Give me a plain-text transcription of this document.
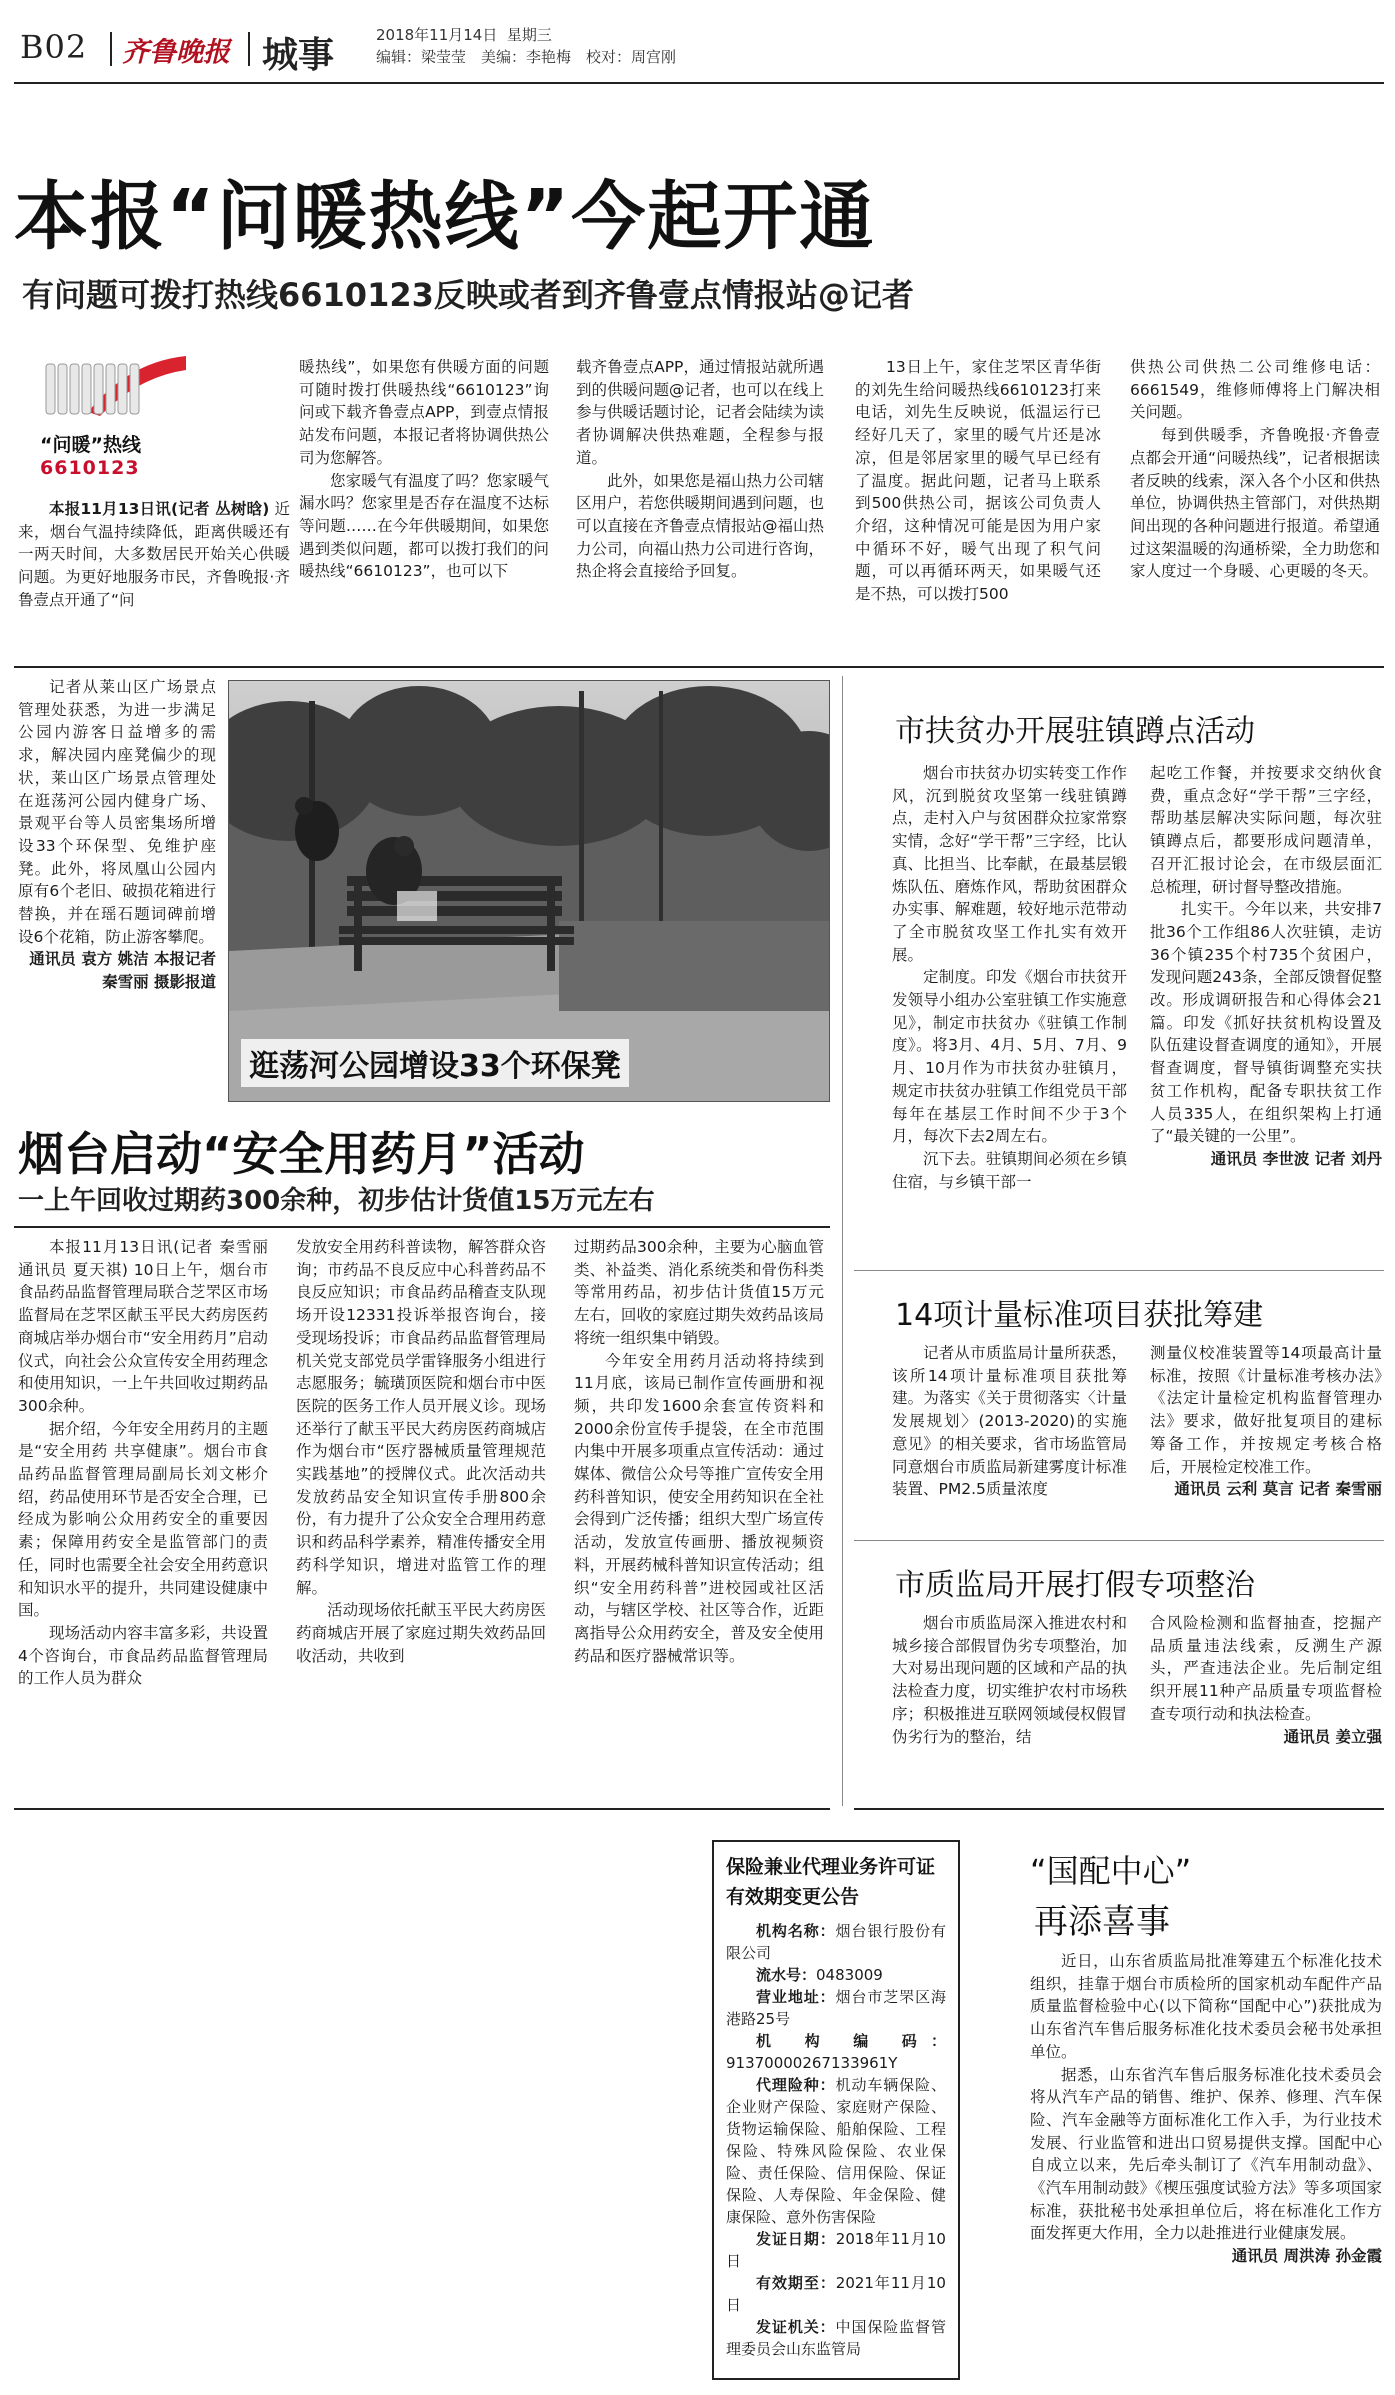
B02 齐鲁晚报 城事	2018年11月14日 星期三
编辑：梁莹莹　美编：李艳梅　校对：周宫刚
本报“问暖热线”今起开通
有问题可拨打热线6610123反映或者到齐鲁壹点情报站@记者
“问暖”热线
6610123

本报11月13日讯(记者 丛树晗) 近来，烟台气温持续降低，距离供暖还有一两天时间，大多数居民开始关心供暖问题。为更好地服务市民，齐鲁晚报·齐鲁壹点开通了“问

暖热线”，如果您有供暖方面的问题可随时拨打供暖热线“6610123”询问或下载齐鲁壹点APP，到壹点情报站发布问题，本报记者将协调供热公司为您解答。

您家暖气有温度了吗？您家暖气漏水吗？您家里是否存在温度不达标等问题……在今年供暖期间，如果您遇到类似问题，都可以拨打我们的问暖热线“6610123”，也可以下

载齐鲁壹点APP，通过情报站就所遇到的供暖问题@记者，也可以在线上参与供暖话题讨论，记者会陆续为读者协调解决供热难题，全程参与报道。

此外，如果您是福山热力公司辖区用户，若您供暖期间遇到问题，也可以直接在齐鲁壹点情报站@福山热力公司，向福山热力公司进行咨询，热企将会直接给予回复。

13日上午，家住芝罘区青华街的刘先生给问暖热线6610123打来电话，刘先生反映说，低温运行已经好几天了，家里的暖气片还是冰凉，但是邻居家里的暖气早已经有了温度。据此问题，记者马上联系到500供热公司，据该公司负责人介绍，这种情况可能是因为用户家中循环不好，暖气出现了积气问题，可以再循环两天，如果暖气还是不热，可以拨打500

供热公司供热二公司维修电话：6661549，维修师傅将上门解决相关问题。

每到供暖季，齐鲁晚报·齐鲁壹点都会开通“问暖热线”，记者根据读者反映的线索，深入各个小区和供热单位，协调供热主管部门，对供热期间出现的各种问题进行报道。希望通过这架温暖的沟通桥梁，全力助您和家人度过一个身暖、心更暖的冬天。

记者从莱山区广场景点管理处获悉，为进一步满足公园内游客日益增多的需求，解决园内座凳偏少的现状，莱山区广场景点管理处在逛荡河公园内健身广场、景观平台等人员密集场所增设33个环保型、免维护座凳。此外，将凤凰山公园内原有6个老旧、破损花箱进行替换，并在瑶石题词碑前增设6个花箱，防止游客攀爬。

通讯员 袁方 姚洁 本报记者 秦雪丽 摄影报道

逛荡河公园增设33个环保凳
烟台启动“安全用药月”活动
一上午回收过期药300余种，初步估计货值15万元左右

本报11月13日讯(记者 秦雪丽 通讯员 夏天祺) 10日上午，烟台市食品药品监督管理局联合芝罘区市场监督局在芝罘区献玉平民大药房医药商城店举办烟台市“安全用药月”启动仪式，向社会公众宣传安全用药理念和使用知识，一上午共回收过期药品300余种。

据介绍，今年安全用药月的主题是“安全用药 共享健康”。烟台市食品药品监督管理局副局长刘文彬介绍，药品使用环节是否安全合理，已经成为影响公众用药安全的重要因素；保障用药安全是监管部门的责任，同时也需要全社会安全用药意识和知识水平的提升，共同建设健康中国。

现场活动内容丰富多彩，共设置4个咨询台，市食品药品监督管理局的工作人员为群众

发放安全用药科普读物，解答群众咨询；市药品不良反应中心科普药品不良反应知识；市食品药品稽查支队现场开设12331投诉举报咨询台，接受现场投诉；市食品药品监督管理局机关党支部党员学雷锋服务小组进行志愿服务；毓璜顶医院和烟台市中医医院的医务工作人员开展义诊。现场还举行了献玉平民大药房医药商城店作为烟台市“医疗器械质量管理规范实践基地”的授牌仪式。此次活动共发放药品安全知识宣传手册800余份，有力提升了公众安全合理用药意识和药品科学素养，精准传播安全用药科学知识，增进对监管工作的理解。

活动现场依托献玉平民大药房医药商城店开展了家庭过期失效药品回收活动，共收到

过期药品300余种，主要为心脑血管类、补益类、消化系统类和骨伤科类等常用药品，初步估计货值15万元左右，回收的家庭过期失效药品该局将统一组织集中销毁。

今年安全用药月活动将持续到11月底，该局已制作宣传画册和视频，共印发1600余套宣传资料和2000余份宣传手提袋，在全市范围内集中开展多项重点宣传活动：通过媒体、微信公众号等推广宣传安全用药科普知识，使安全用药知识在全社会得到广泛传播；组织大型广场宣传活动，发放宣传画册、播放视频资料，开展药械科普知识宣传活动；组织“安全用药科普”进校园或社区活动，与辖区学校、社区等合作，近距离指导公众用药安全，普及安全使用药品和医疗器械常识等。

市扶贫办开展驻镇蹲点活动

烟台市扶贫办切实转变工作作风，沉到脱贫攻坚第一线驻镇蹲点，走村入户与贫困群众拉家常察实情，念好“学干帮”三字经，比认真、比担当、比奉献，在最基层锻炼队伍、磨炼作风，帮助贫困群众办实事、解难题，较好地示范带动了全市脱贫攻坚工作扎实有效开展。

定制度。印发《烟台市扶贫开发领导小组办公室驻镇工作实施意见》，制定市扶贫办《驻镇工作制度》。将3月、4月、5月、7月、9月、10月作为市扶贫办驻镇月，规定市扶贫办驻镇工作组党员干部每年在基层工作时间不少于3个月，每次下去2周左右。

沉下去。驻镇期间必须在乡镇住宿，与乡镇干部一

起吃工作餐，并按要求交纳伙食费，重点念好“学干帮”三字经，帮助基层解决实际问题，每次驻镇蹲点后，都要形成问题清单，召开汇报讨论会，在市级层面汇总梳理，研讨督导整改措施。

扎实干。今年以来，共安排7批36个工作组86人次驻镇，走访36个镇235个村735个贫困户，发现问题243条，全部反馈督促整改。形成调研报告和心得体会21篇。印发《抓好扶贫机构设置及队伍建设督查调度的通知》，开展督查调度，督导镇街调整充实扶贫工作机构，配备专职扶贫工作人员335人，在组织架构上打通了“最关键的一公里”。

通讯员 李世波 记者 刘丹

14项计量标准项目获批筹建

记者从市质监局计量所获悉，该所14项计量标准项目获批筹建。为落实《关于贯彻落实〈计量发展规划〉(2013-2020)的实施意见》的相关要求，省市场监管局同意烟台市质监局新建雾度计标准装置、PM2.5质量浓度

测量仪校准装置等14项最高计量标准，按照《计量标准考核办法》《法定计量检定机构监督管理办法》要求，做好批复项目的建标筹备工作，并按规定考核合格后，开展检定校准工作。

通讯员 云利 莫言 记者 秦雪丽

市质监局开展打假专项整治

烟台市质监局深入推进农村和城乡接合部假冒伪劣专项整治，加大对易出现问题的区域和产品的执法检查力度，切实维护农村市场秩序；积极推进互联网领域侵权假冒伪劣行为的整治，结

合风险检测和监督抽查，挖掘产品质量违法线索，反溯生产源头，严查违法企业。先后制定组织开展11种产品质量专项监督检查专项行动和执法检查。

通讯员 姜立强

保险兼业代理业务许可证有效期变更公告

机构名称：烟台银行股份有限公司

流水号：0483009

营业地址：烟台市芝罘区海港路25号

机 构 编 码：91370000267133961Y

代理险种：机动车辆保险、企业财产保险、家庭财产保险、货物运输保险、船舶保险、工程保险、特殊风险保险、农业保险、责任保险、信用保险、保证保险、人寿保险、年金保险、健康保险、意外伤害保险

发证日期：2018年11月10日

有效期至：2021年11月10日

发证机关：中国保险监督管理委员会山东监管局

“国配中心”
再添喜事

近日，山东省质监局批准筹建五个标准化技术组织，挂靠于烟台市质检所的国家机动车配件产品质量监督检验中心(以下简称“国配中心”)获批成为山东省汽车售后服务标准化技术委员会秘书处承担单位。

据悉，山东省汽车售后服务标准化技术委员会将从汽车产品的销售、维护、保养、修理、汽车保险、汽车金融等方面标准化工作入手，为行业技术发展、行业监管和进出口贸易提供支撑。国配中心自成立以来，先后牵头制订了《汽车用制动盘》、《汽车用制动鼓》《楔压强度试验方法》等多项国家标准，获批秘书处承担单位后，将在标准化工作方面发挥更大作用，全力以赴推进行业健康发展。

通讯员 周洪涛 孙金霞
